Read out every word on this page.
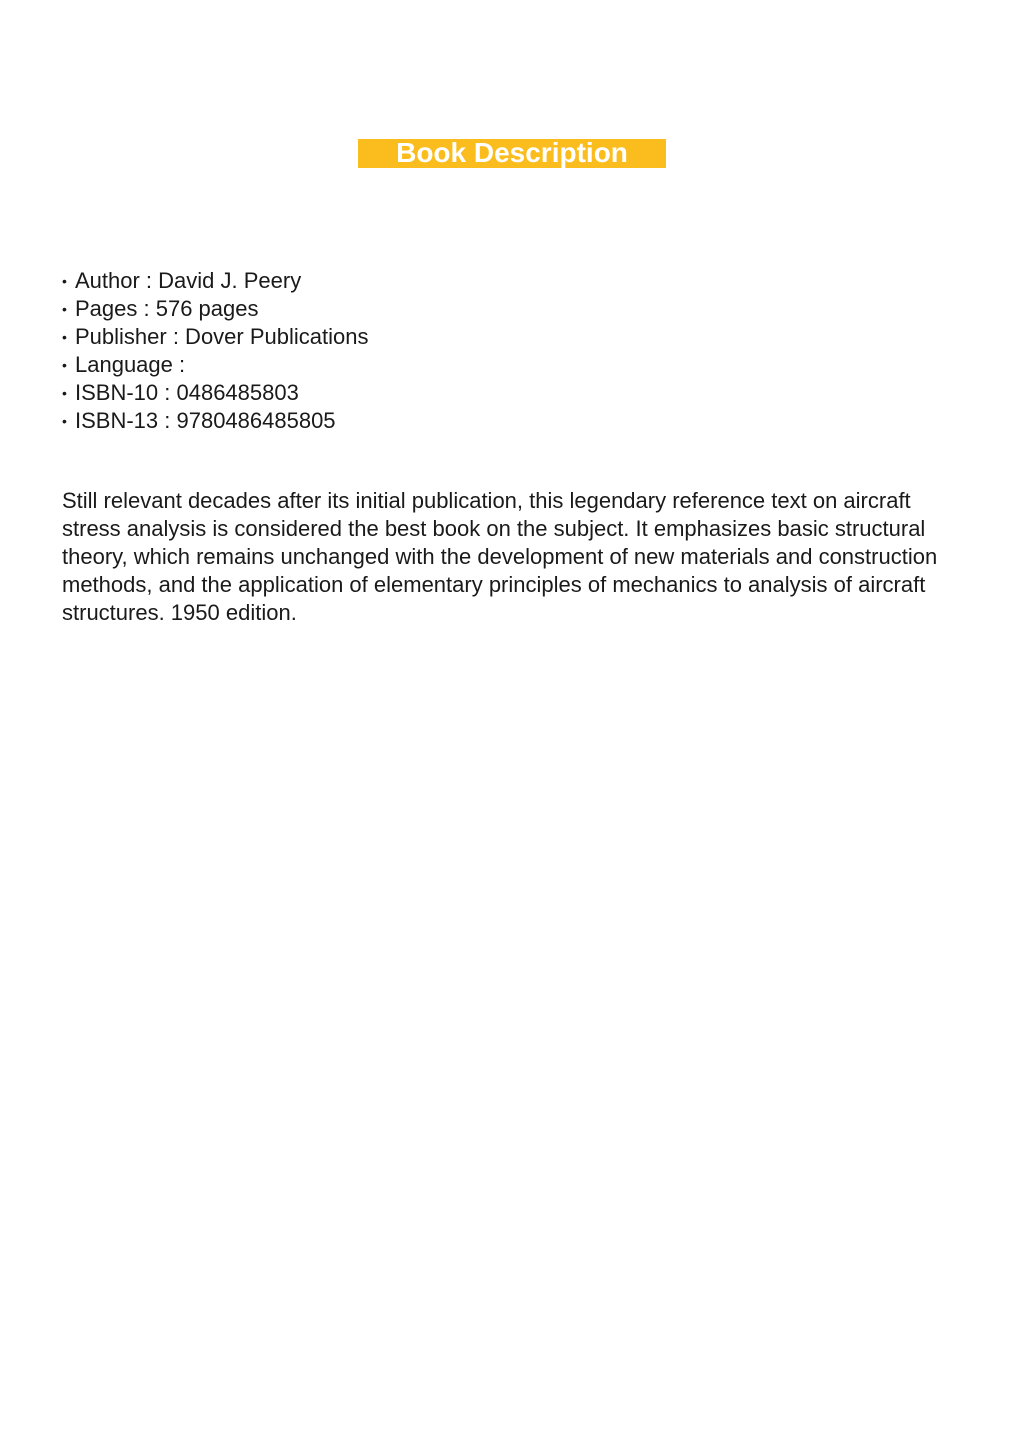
Book Description
• Author : David J. Peery
• Pages : 576 pages
• Publisher : Dover Publications
• Language :
• ISBN-10 : 0486485803
• ISBN-13 : 9780486485805

Still relevant decades after its initial publication, this legendary reference text on aircraft stress analysis is considered the best book on the subject. It emphasizes basic structural theory, which remains unchanged with the development of new materials and construction methods, and the application of elementary principles of mechanics to analysis of aircraft structures. 1950 edition.
